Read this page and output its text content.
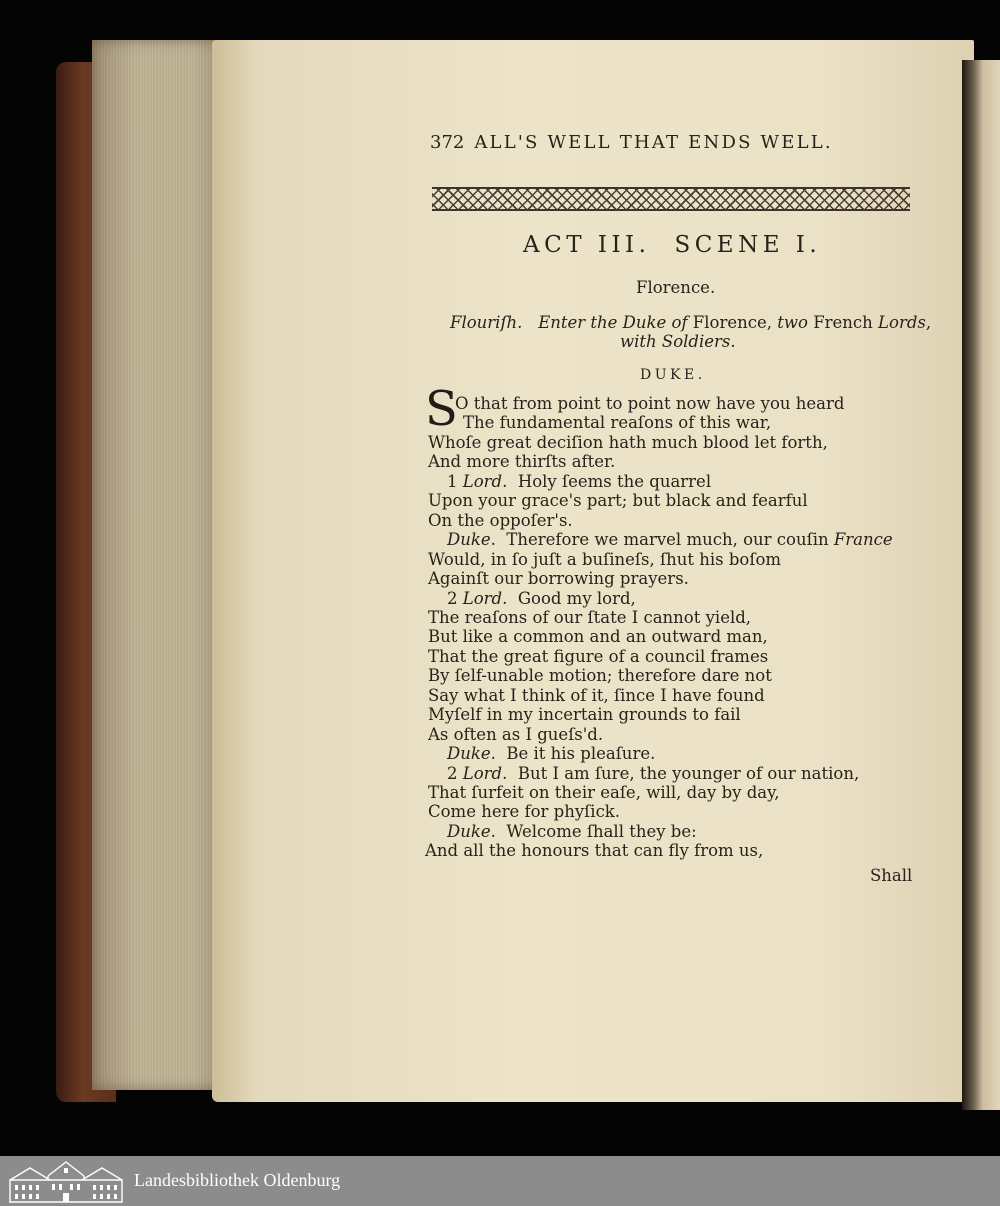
372 ALL'S WELL THAT ENDS WELL.
ACT III. SCENE I.
Florence.
Flouriſh. Enter the Duke of Florence, two French Lords,
with Soldiers.
DUKE.
S
O that from point to point now have you heard
The fundamental reaſons of this war,
Whoſe great deciſion hath much blood let forth,
And more thirſts after.
1 Lord.  Holy ſeems the quarrel
Upon your grace's part; but black and fearful
On the oppoſer's.
Duke.  Therefore we marvel much, our couſin France
Would, in ſo juſt a buſineſs, ſhut his boſom
Againſt our borrowing prayers.
2 Lord.  Good my lord,
The reaſons of our ſtate I cannot yield,
But like a common and an outward man,
That the great figure of a council frames
By ſelf-unable motion; therefore dare not
Say what I think of it, ſince I have found
Myſelf in my incertain grounds to fail
As often as I gueſs'd.
Duke.  Be it his pleaſure.
2 Lord.  But I am ſure, the younger of our nation,
That ſurfeit on their eaſe, will, day by day,
Come here for phyſick.
Duke.  Welcome ſhall they be:
And all the honours that can fly from us,
Shall
Landesbibliothek Oldenburg
